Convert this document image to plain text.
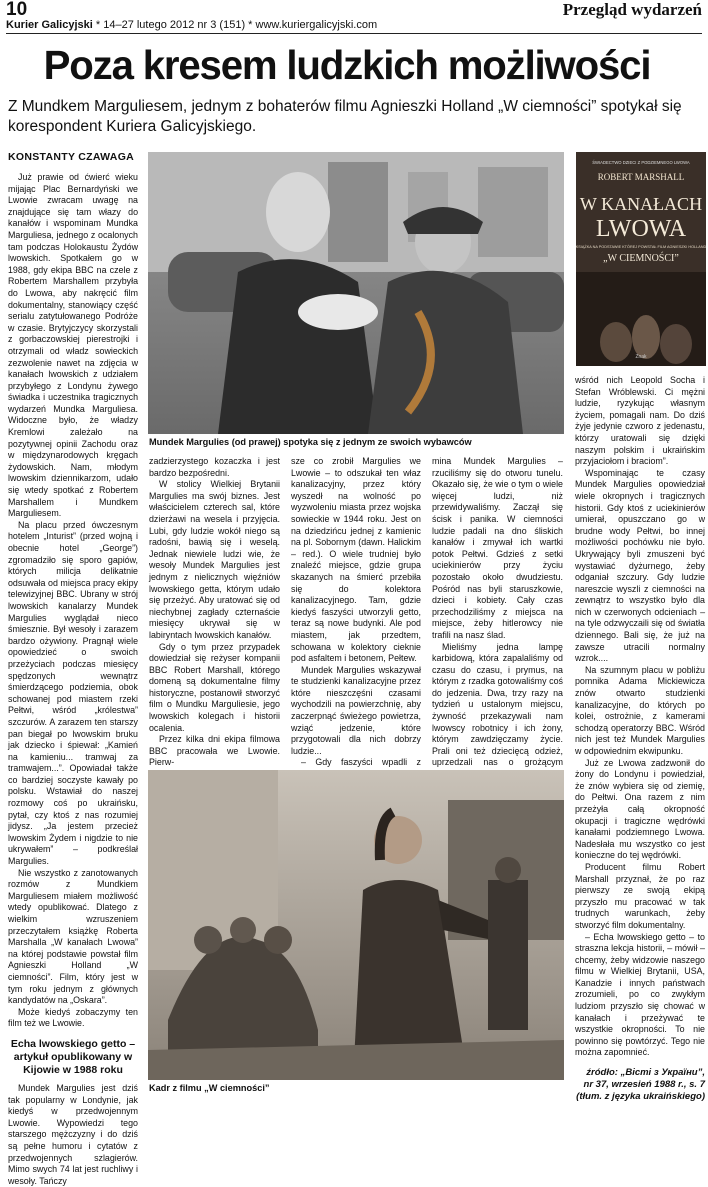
10
Kurier Galicyjski * 14–27 lutego 2012 nr 3 (151) * www.kuriergalicyjski.com
Przegląd wydarzeń
Poza kresem ludzkich możliwości
Z Mundkem Marguliesem, jednym z bohaterów filmu Agnieszki Holland „W ciemności” spotykał się korespondent Kuriera Galicyjskiego.
KONSTANTY CZAWAGA

Już prawie od ćwierć wieku mijając Plac Bernardyński we Lwowie zwracam uwagę na znajdujące się tam włazy do kanałów i wspominam Mundka Marguliesa, jednego z ocalonych tam podczas Holokaustu Żydów lwowskich. Spotkałem go w 1988, gdy ekipa BBC na czele z Robertem Marshallem przybyła do Lwowa, aby nakręcić film dokumentalny, stanowiący część serialu zatytułowanego Podróże w czasie. Brytyjczycy skorzystali z gorbaczowskiej pierestrojki i otrzymali od władz sowieckich zezwolenie nawet na zdjęcia w kanałach lwowskich z udziałem przybyłego z Londynu żywego świadka i uczestnika tragicznych wydarzeń Mundka Marguliesa. Widoczne było, że władzy Kremlowi zależało na pozytywnej opinii Zachodu oraz w międzynarodowych kręgach żydowskich. Nam, młodym lwowskim dziennikarzom, udało się wtedy spotkać z Robertem Marshallem i Mundkem Marguliesem.

Na placu przed ówczesnym hotelem „Inturist” (przed wojną i obecnie hotel „George”) zgromadziło się sporo gapiów, których milicja delikatnie odsuwała od miejsca pracy ekipy telewizyjnej BBC. Ubrany w strój lwowskich kanalarzy Mundek Margulies wyglądał nieco śmiesznie. Był wesoły i zarazem bardzo ożywiony. Pragnął wiele opowiedzieć o swoich przeżyciach podczas miesięcy spędzonych wewnątrz śmierdzącego podziemia, obok schowanej pod miastem rzeki Pełtwi, wśród „królestwa” szczurów. A zarazem ten starszy pan biegał po lwowskim bruku jak dziecko i śpiewał: „Kamień na kamieniu... tramwaj za tramwajem...”. Opowiadał także co bardziej soczyste kawały po polsku. Wstawiał do naszej rozmowy coś po ukraińsku, pytał, czy ktoś z nas rozumiej jidysz. „Ja jestem przecież lwowskim Żydem i nigdzie to nie ukrywałem” – podkreślał Margulies.

Nie wszystko z zanotowanych rozmów z Mundkiem Marguliesem miałem możliwość wtedy opublikować. Dlatego z wielkim wzruszeniem przeczytałem książkę Roberta Marshalla „W kanałach Lwowa” na której podstawie powstał film Agnieszki Holland „W ciemności”. Film, który jest w tym roku jednym z głównych kandydatów na „Oskara”.

Może kiedyś zobaczymy ten film też we Lwowie.

Echa lwowskiego getto – artykuł opublikowany w Kijowie w 1988 roku

Mundek Margulies jest dziś tak popularny w Londynie, jak kiedyś w przedwojennym Lwowie. Wypowiedzi tego starszego mężczyzny i do dziś są pełne humoru i cytatów z przedwojennych szlagierów. Mimo swych 74 lat jest ruchliwy i wesoły. Tańczy

zadzierzystego kozaczka i jest bardzo bezpośredni.

W stolicy Wielkiej Brytanii Margulies ma swój biznes. Jest właścicielem czterech sal, które dzierżawi na wesela i przyjęcia. Lubi, gdy ludzie wokół niego są radośni, bawią się i weselą. Jednak niewiele ludzi wie, że wesoły Mundek Margulies jest jednym z nielicznych więźniów lwowskiego getta, którym udało się przeżyć. Aby uratować się od niechybnej zagłady czternaście miesięcy ukrywał się w labiryntach lwowskich kanałów.

Gdy o tym przez przypadek dowiedział się reżyser kompanii BBC Robert Marshall, którego domeną są dokumentalne filmy historyczne, postanowił stworzyć film o Mundku Marguliesie, jego lwowskich kolegach i historii ocalenia.

Przez kilka dni ekipa filmowa BBC pracowała we Lwowie. Pierw-

sze co zrobił Margulies we Lwowie – to odszukał ten właz kanalizacyjny, przez który wyszedł na wolność po wyzwoleniu miasta przez wojska sowieckie w 1944 roku. Jest on na dziedzińcu jednej z kamienic na pl. Sobornym (dawn. Halickim – red.). O wiele trudniej było znaleźć miejsce, gdzie grupa skazanych na śmierć przebiła się do kolektora kanalizacyjnego. Tam, gdzie kiedyś faszyści utworzyli getto, teraz są nowe budynki. Ale pod miastem, jak przedtem, schowana w kolektory cieknie pod asfaltem i betonem, Pełtew.

Mundek Margulies wskazywał te studzienki kanalizacyjne przez które nieszczęśni czasami wychodzili na powierzchnię, aby zaczerpnąć świeżego powietrza, wziąć jedzenie, które przygotowali dla nich dobrzy ludzie...

– Gdy faszyści wpadli z

mina Mundek Margulies – rzuciliśmy się do otworu tunelu. Okazało się, że wie o tym o wiele więcej ludzi, niż przewidywaliśmy. Zaczął się ścisk i panika. W ciemności ludzie padali na dno śliskich kanałów i zmywał ich wartki potok Pełtwi. Gdzieś z setki uciekinierów przy życiu pozostało około dwudziestu. Pośród nas byli staruszkowie, dzieci i kobiety. Cały czas przechodziliśmy z miejsca na miejsce, żeby hitlerowcy nie trafili na nasz ślad.

Mieliśmy jedna lampę karbidową, która zapalaliśmy od czasu do czasu, i prymus, na którym z rzadka gotowaliśmy coś do jedzenia. Dwa, trzy razy na tydzień u ustalonym miejscu, żywność przekazywali nam lwowscy robotnicy i ich żony, którym zawdzięczamy życie. Prali oni też dziecięcą odzież, uprzedzali nas o grożącym

wśród nich Leopold Socha i Stefan Wróblewski. Ci mężni ludzie, ryzykując własnym życiem, pomagali nam. Do dziś żyje jedynie czworo z jedenastu, którzy uratowali się dzięki naszym polskim i ukraińskim przyjaciołom i braciom”.

Wspominając te czasy Mundek Margulies opowiedział wiele okropnych i tragicznych historii. Gdy ktoś z uciekinierów umierał, opuszczano go w brudne wody Pełtwi, bo innej możliwości pochówku nie było. Ukrywający byli zmuszeni być wystawiać dyżurnego, żeby odganiał szczury. Gdy ludzie nareszcie wyszli z ciemności na zewnątrz to wszystko było dla nich w czerwonych odcieniach – na tyle odzwyczaili się od światła dziennego. Bali się, że już na zawsze utracili normalny wzrok....

Na szumnym placu w pobliżu pomnika Adama Mickiewicza znów otwarto studzienki kanalizacyjne, do których po kolei, ostrożnie, z kamerami schodzą operatorzy BBC. Wśród nich jest też Mundek Margulies w odpowiednim ekwipunku.

Już ze Lwowa zadzwonił do żony do Londynu i powiedział, że znów wybiera się od ziemię, do Pełtwi. Ona razem z nim przeżyła całą okropność okupacji i tragiczne wędrówki kanałami podziemnego Lwowa. Nadesłała mu wszystko co jest konieczne do tej wędrówki.

Producent filmu Robert Marshall przyznał, że po raz pierwszy ze swoją ekipą przyszło mu pracować w tak trudnych warunkach, żeby stworzyć film dokumentalny.

– Echa lwowskiego getto – to straszna lekcja historii, – mówił – chcemy, żeby widzowie naszego filmu w Wielkiej Brytanii, USA, Kanadzie i innych państwach zrozumieli, po co zwykłym ludziom przyszło się chować w kanałach i przeżywać te wszystkie okropności. To nie powinno się powtórzyć. Tego nie można zapomnieć.

źródło: „Вісті з України”, nr 37, wrzesień 1988 r., s. 7 (tłum. z języka ukraińskiego)

Mundek Margulies (od prawej) spotyka się z jednym ze swoich wybawców
ŚWIADECTWO DZIECI Z PODZIEMNEGO LWOWA
ROBERT MARSHALL
W KANAŁACH
LWOWA
KSIĄŻKA NA PODSTAWIE KTÓREJ POWSTAŁ FILM AGNIESZKI HOLLAND
„W CIEMNOŚCI”
Znak
Kadr z filmu „W ciemności”
